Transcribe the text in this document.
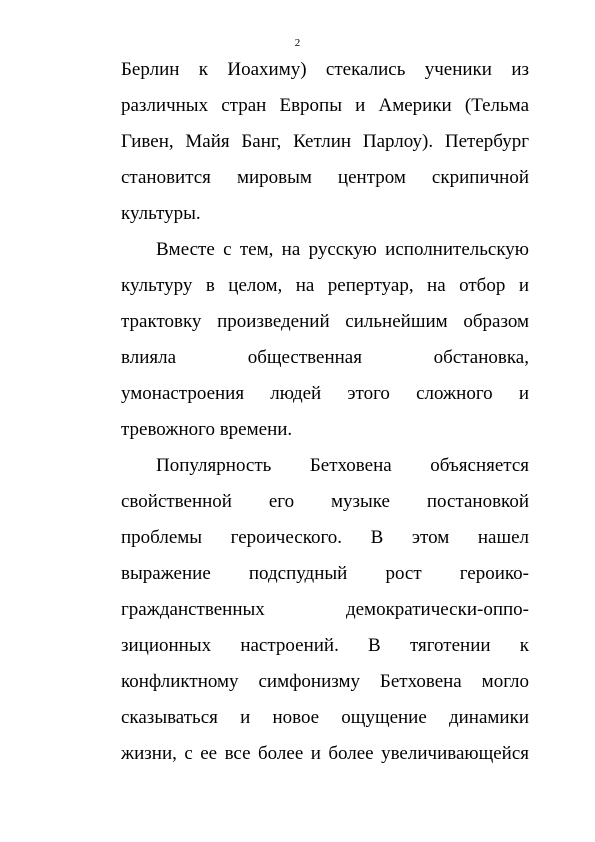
2
Берлин к Иоахиму) стекались ученики из
различных стран Европы и Америки (Тельма
Гивен, Майя Банг, Кетлин Парлоу). Петербург
становится мировым центром скрипичной
культуры.
Вместе с тем, на русскую исполнительскую
культуру в целом, на репертуар, на отбор и
трактовку произведений сильнейшим образом
влияла общественная обстановка,
умонастроения людей этого сложного и
тревожного времени.
Популярность Бетховена объясняется
свойственной его музыке постановкой
проблемы героического. В этом нашел
выражение подспудный рост героико-
гражданственных демократически-оппо-
зиционных настроений. В тяготении к
конфликтному симфонизму Бетховена могло
сказываться и новое ощущение динамики
жизни, с ее все более и более увеличивающейся
